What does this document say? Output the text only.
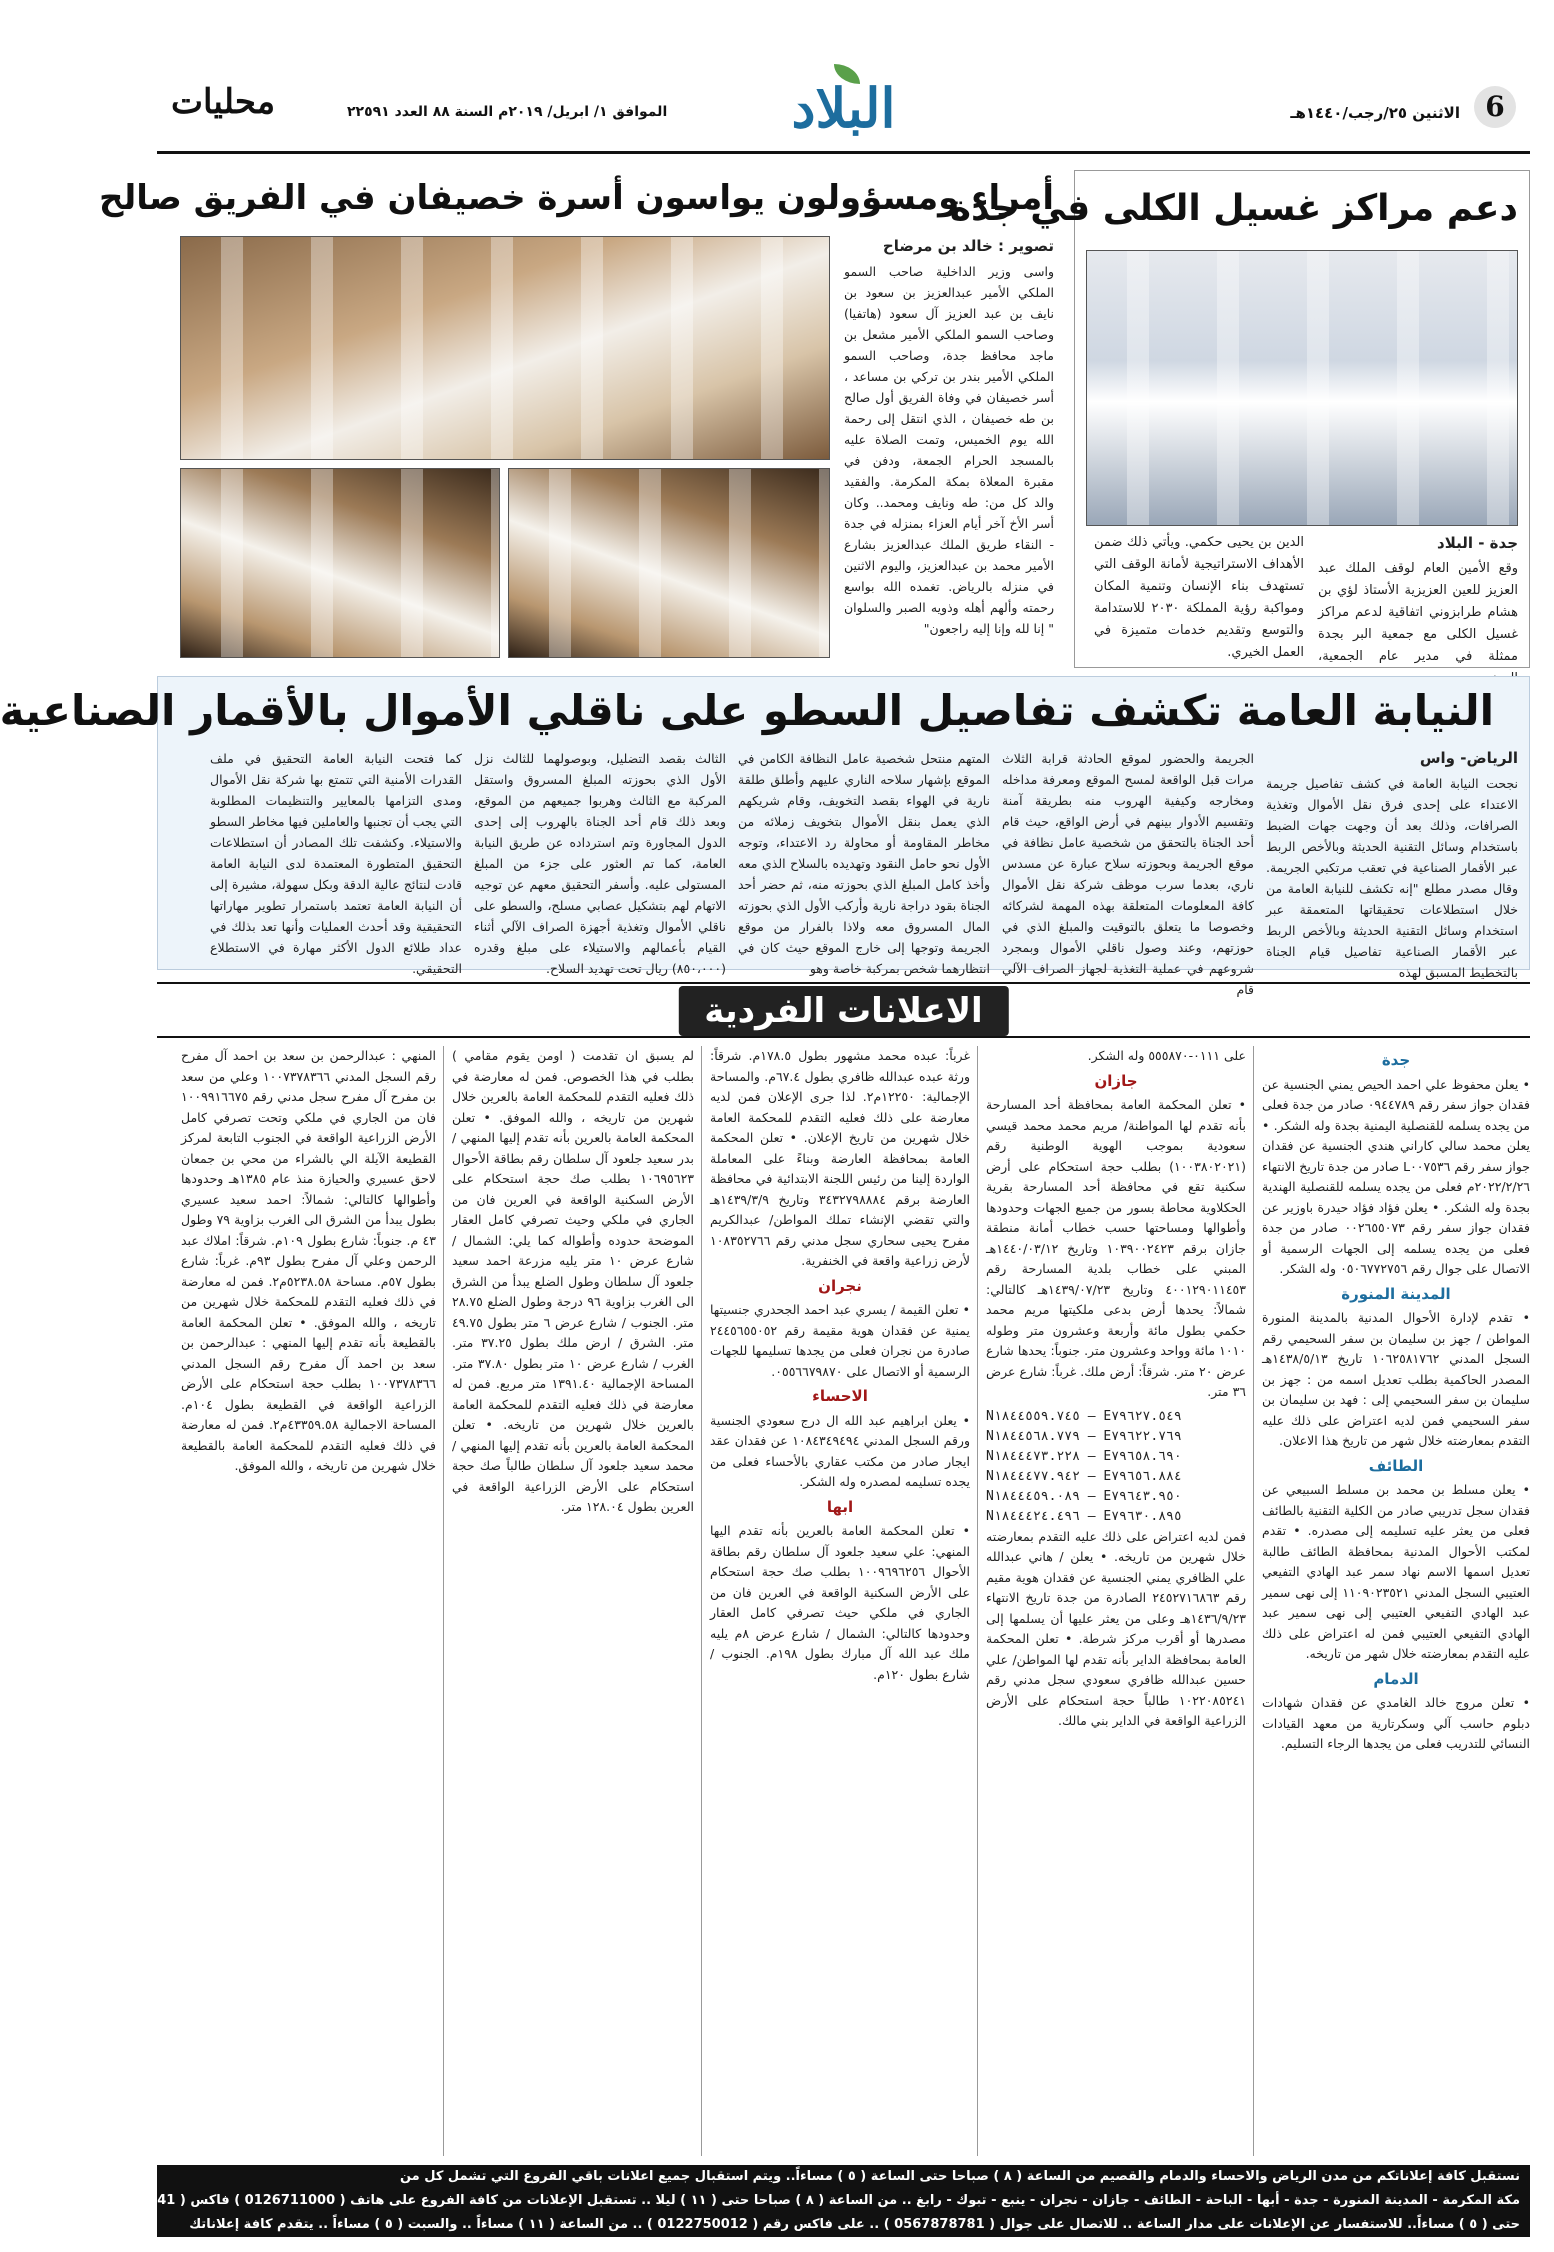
6
الاثنين ٢٥/رجب/١٤٤٠هـ
البلاد
الموافق ١/ ابريل/ ٢٠١٩م السنة ٨٨ العدد ٢٢٥٩١
محليات
دعم مراكز غسيل الكلى في جدة

جدة - البلاد

وقع الأمين العام لوقف الملك عبد العزيز للعين العزيزية الأستاذ لؤي بن هشام طرابزوني اتفاقية لدعم مراكز غسيل الكلى مع جمعية البر بجدة ممثلة في مدير عام الجمعية،

الدين بن يحيى حكمي. ويأتي ذلك ضمن الأهداف الاستراتيجية لأمانة الوقف التي تستهدف بناء الإنسان وتنمية المكان ومواكبة رؤية المملكة ٢٠٣٠ للاستدامة والتوسع وتقديم خدمات متميزة في العمل الخيري.

أمراء ومسؤولون يواسون أسرة خصيفان في الفريق صالح

تصوير : خالد بن مرضاح

واسى وزير الداخلية صاحب السمو الملكي الأمير عبدالعزيز بن سعود بن نايف بن عبد العزيز آل سعود (هاتفيا) وصاحب السمو الملكي الأمير مشعل بن ماجد محافظ جدة، وصاحب السمو الملكي الأمير بندر بن تركي بن مساعد ، أسر خصيفان في وفاة الفريق أول صالح بن طه خصيفان ، الذي انتقل إلى رحمة الله يوم الخميس، وتمت الصلاة عليه بالمسجد الحرام الجمعة، ودفن في مقبرة المعلاة بمكة المكرمة. والفقيد والد كل من: طه ونايف ومحمد.. وكان أسر الأخ آخر أيام العزاء بمنزله في جدة - النقاء طريق الملك عبدالعزيز بشارع الأمير محمد بن عبدالعزيز، واليوم الاثنين في منزله بالرياض. تغمده الله بواسع رحمته وألهم أهله وذويه الصبر والسلوان " إنا لله وإنا إليه راجعون"

النيابة العامة تكشف تفاصيل السطو على ناقلي الأموال بالأقمار الصناعية

الرياض- واس

نجحت النيابة العامة في كشف تفاصيل جريمة الاعتداء على إحدى فرق نقل الأموال وتغذية الصرافات، وذلك بعد أن وجهت جهات الضبط باستخدام وسائل التقنية الحديثة وبالأخص الربط عبر الأقمار الصناعية في تعقب مرتكبي الجريمة. وقال مصدر مطلع "إنه تكشف للنيابة العامة من خلال استطلاعات تحقيقاتها المتعمقة عبر استخدام وسائل التقنية الحديثة وبالأخص الربط عبر الأقمار الصناعية تفاصيل قيام الجناة بالتخطيط المسبق لهذه

الجريمة والحضور لموقع الحادثة قرابة الثلاث مرات قبل الواقعة لمسح الموقع ومعرفة مداخله ومخارجه وكيفية الهروب منه بطريقة آمنة وتقسيم الأدوار بينهم في أرض الواقع، حيث قام أحد الجناة بالتحقق من شخصية عامل نظافة في موقع الجريمة وبحوزته سلاح عبارة عن مسدس ناري، بعدما سرب موظف شركة نقل الأموال كافة المعلومات المتعلقة بهذه المهمة لشركائه وخصوصا ما يتعلق بالتوقيت والمبلغ الذي في حوزتهم، وعند وصول ناقلي الأموال وبمجرد شروعهم في عملية التغذية لجهاز الصراف الآلي قام
المتهم منتحل شخصية عامل النظافة الكامن في الموقع بإشهار سلاحه الناري عليهم وأطلق طلقة نارية في الهواء بقصد التخويف، وقام شريكهم الذي يعمل بنقل الأموال بتخويف زملائه من مخاطر المقاومة أو محاولة رد الاعتداء، وتوجه الأول نحو حامل النقود وتهديده بالسلاح الذي معه وأخذ كامل المبلغ الذي بحوزته منه، ثم حضر أحد الجناة بقود دراجة نارية وأركب الأول الذي بحوزته المال المسروق معه ولاذا بالفرار من موقع الجريمة وتوجها إلى خارج الموقع حيث كان في انتظارهما شخص بمركبة خاصة وهو
الثالث بقصد التضليل، وبوصولهما للثالث نزل الأول الذي بحوزته المبلغ المسروق واستقل المركبة مع الثالث وهربوا جميعهم من الموقع، وبعد ذلك قام أحد الجناة بالهروب إلى إحدى الدول المجاورة وتم استرداده عن طريق النيابة العامة، كما تم العثور على جزء من المبلغ المستولى عليه. وأسفر التحقيق معهم عن توجيه الاتهام لهم بتشكيل عصابي مسلح، والسطو على ناقلي الأموال وتغذية أجهزة الصراف الآلي أثناء القيام بأعمالهم والاستيلاء على مبلغ وقدره (٨٥٠،٠٠٠) ريال تحت تهديد السلاح.
كما فتحت النيابة العامة التحقيق في ملف القدرات الأمنية التي تتمتع بها شركة نقل الأموال ومدى التزامها بالمعايير والتنظيمات المطلوبة التي يجب أن تجنبها والعاملين فيها مخاطر السطو والاستيلاء. وكشفت تلك المصادر أن استطلاعات التحقيق المتطورة المعتمدة لدى النيابة العامة قادت لنتائج عالية الدقة وبكل سهولة، مشيرة إلى أن النيابة العامة تعتمد باستمرار تطوير مهاراتها التحقيقية وقد أحدث العمليات وأنها تعد بذلك في عداد طلائع الدول الأكثر مهارة في الاستطلاع التحقيقي.
الاعلانات الفردية
جدة

• يعلن محفوظ علي احمد الحيص يمني الجنسية عن فقدان جواز سفر رقم ٠٩٤٤٧٨٩ صادر من جدة فعلى من يجده يسلمه للقنصلية اليمنية بجدة وله الشكر. • يعلن محمد سالي كاراني هندي الجنسية عن فقدان جواز سفر رقم L٠٠٧٥٣٦ صادر من جدة تاريخ الانتهاء ٢٠٢٢/٢/٢٦م فعلى من يجده يسلمه للقنصلية الهندية بجدة وله الشكر. • يعلن فؤاد فؤاد حيدرة باوزير عن فقدان جواز سفر رقم ٠٠٢٦٥٥٠٧٣ صادر من جدة فعلى من يجده يسلمه إلى الجهات الرسمية أو الاتصال على جوال رقم ٠٥٠٦٧٧٢٧٥٦ وله الشكر.

المدينة المنورة

• تقدم لإدارة الأحوال المدنية بالمدينة المنورة المواطن / جهز بن سليمان بن سفر السحيمي رقم السجل المدني ١٠٦٢٥٨١٧٦٢ تاريخ ١٤٣٨/٥/١٣هـ المصدر الحاكمية بطلب تعديل اسمه من : جهز بن سليمان بن سفر السحيمي إلى : فهد بن سليمان بن سفر السحيمي فمن لديه اعتراض على ذلك عليه التقدم بمعارضته خلال شهر من تاريخ هذا الاعلان.

الطائف

• يعلن مسلط بن محمد بن مسلط السبيعي عن فقدان سجل تدريبي صادر من الكلية التقنية بالطائف فعلى من يعثر عليه تسليمه إلى مصدره. • تقدم لمكتب الأحوال المدنية بمحافظة الطائف طالبة تعديل اسمها الاسم نهاد سمر عبد الهادي التفيعي العتيبي السجل المدني ١١٠٩٠٢٣٥٢١ إلى نهى سمير عبد الهادي التفيعي العتيبي إلى نهى سمير عبد الهادي التفيعي العتيبي فمن له اعتراض على ذلك عليه التقدم بمعارضته خلال شهر من تاريخه.

الدمام

• تعلن مروج خالد الغامدي عن فقدان شهادات دبلوم حاسب آلي وسكرتارية من معهد القيادات النسائي للتدريب فعلى من يجدها الرجاء التسليم.

على ٠١١١-٥٥٥٨٧٠ وله الشكر.

جازان

• تعلن المحكمة العامة بمحافظة أحد المسارحة بأنه تقدم لها المواطنة/ مريم محمد محمد قيسي سعودية بموجب الهوية الوطنية رقم (١٠٠٣٨٠٢٠٢١) بطلب حجة استحكام على أرض سكنية تقع في محافظة أحد المسارحة بقرية الحكلاوية محاطة بسور من جميع الجهات وحدودها وأطوالها ومساحتها حسب خطاب أمانة منطقة جازان برقم ١٠٣٩٠٠٢٤٢٣ وتاريخ ١٤٤٠/٠٣/١٢هـ المبني على خطاب بلدية المسارحة رقم ٤٠٠١٢٩٠١١٤٥٣ وتاريخ ١٤٣٩/٠٧/٢٣هـ كالتالي: شمالاً: يحدها أرض بدعى ملكيتها مريم محمد حكمي بطول مائة وأربعة وعشرون متر وطوله ١٠١٠ مائة وواحد وعشرون متر. جنوباً: يحدها شارع عرض ٢٠ متر. شرقاً: أرض ملك. غرباً: شارع عرض ٣٦ متر.

N١٨٤٤٥٥٩.٧٤٥ – E٧٩٦٢٧.٥٤٩
N١٨٤٤٥٦٨.٧٧٩ – E٧٩٦٢٢.٧٦٩
N١٨٤٤٤٧٣.٢٢٨ – E٧٩٦٥٨.٦٩٠
N١٨٤٤٤٧٧.٩٤٢ – E٧٩٦٥٦.٨٨٤
N١٨٤٤٤٥٩.٠٨٩ – E٧٩٦٤٣.٩٥٠
N١٨٤٤٤٢٤.٤٩٦ – E٧٩٦٣٠.٨٩٥

فمن لديه اعتراض على ذلك عليه التقدم بمعارضته خلال شهرين من تاريخه. • يعلن / هاني عبدالله علي الظافري يمني الجنسية عن فقدان هوية مقيم رقم ٢٤٥٢٧١٦٨٦٣ الصادرة من جدة تاريخ الانتهاء ١٤٣٦/٩/٢٣هـ وعلى من يعثر عليها أن يسلمها إلى مصدرها أو أقرب مركز شرطة. • تعلن المحكمة العامة بمحافظة الداير بأنه تقدم لها المواطن/ علي حسين عبدالله ظافري سعودي سجل مدني رقم ١٠٢٢٠٨٥٢٤١ طالباً حجة استحكام على الأرض الزراعية الواقعة في الداير بني مالك.

غرباً: عبده محمد مشهور بطول ١٧٨.٥م. شرقاً: ورثة عبده عبدالله ظافري بطول ٦٧.٤م. والمساحة الإجمالية: ١٢٢٥٠م٢. لذا جرى الإعلان فمن لديه معارضة على ذلك فعليه التقدم للمحكمة العامة خلال شهرين من تاريخ الإعلان. • تعلن المحكمة العامة بمحافظة العارضة وبناءً على المعاملة الواردة إلينا من رئيس اللجنة الابتدائية في محافظة العارضة برقم ٣٤٣٢٧٩٨٨٨٤ وتاريخ ١٤٣٩/٣/٩هـ والتي تقضي الإنشاء تملك المواطن/ عبدالكريم مفرح يحيى سحاري سجل مدني رقم ١٠٨٣٥٢٧٦٦ لأرض زراعية واقعة في الخنفرية.

نجران

• تعلن القيمة / يسري عبد احمد الجحدري جنسيتها يمنية عن فقدان هوية مقيمة رقم ٢٤٤٥٦٥٥٠٥٢ صادرة من نجران فعلى من يجدها تسليمها للجهات الرسمية أو الاتصال على ٠٥٥٦٦٧٩٨٧٠.

الاحساء

• يعلن ابراهيم عبد الله ال درج سعودي الجنسية ورقم السجل المدني ١٠٨٤٣٤٩٤٩٤ عن فقدان عقد ايجار صادر من مكتب عقاري بالأحساء فعلى من يجده تسليمه لمصدره وله الشكر.

ابها

• تعلن المحكمة العامة بالعرين بأنه تقدم اليها المنهي: علي سعيد جلعود آل سلطان رقم بطاقة الأحوال ١٠٠٩٦٩٦٢٥٦ بطلب صك حجة استحكام على الأرض السكنية الواقعة في العرين فان من الجاري في ملكي حيث تصرفي كامل العقار وحدودها كالتالي: الشمال / شارع عرض ٨م يليه ملك عبد الله آل مبارك بطول ١٩٨م. الجنوب / شارع بطول ١٢٠م.

لم يسبق ان تقدمت ( اومن يقوم مقامي ) بطلب في هذا الخصوص. فمن له معارضة في ذلك فعليه التقدم للمحكمة العامة بالعرين خلال شهرين من تاريخه ، والله الموفق. • تعلن المحكمة العامة بالعرين بأنه تقدم إليها المنهي / بدر سعيد جلعود آل سلطان رقم بطاقة الأحوال ١٠٦٩٥٦٢٣ بطلب صك حجة استحكام على الأرض السكنية الواقعة في العرين فان من الجاري في ملكي وحيث تصرفي كامل العقار الموضحة حدوده وأطواله كما يلي: الشمال / شارع عرض ١٠ متر يليه مزرعة احمد سعيد جلعود آل سلطان وطول الضلع يبدأ من الشرق الى الغرب بزاوية ٩٦ درجة وطول الضلع ٢٨.٧٥ متر. الجنوب / شارع عرض ٦ متر بطول ٤٩.٧٥ متر. الشرق / ارض ملك بطول ٣٧.٢٥ متر. الغرب / شارع عرض ١٠ متر بطول ٣٧.٨٠ متر. المساحة الإجمالية ١٣٩١.٤٠ متر مربع. فمن له معارضة في ذلك فعليه التقدم للمحكمة العامة بالعرين خلال شهرين من تاريخه. • تعلن المحكمة العامة بالعرين بأنه تقدم إليها المنهي / محمد سعيد جلعود آل سلطان طالباً صك حجة استحكام على الأرض الزراعية الواقعة في العرين بطول ١٢٨.٠٤ متر.

المنهي : عبدالرحمن بن سعد بن احمد آل مفرح رقم السجل المدني ١٠٠٧٣٧٨٣٦٦ وعلي من سعد بن مفرح آل مفرح سجل مدني رقم ١٠٠٩٩١٦٦٧٥ فان من الجاري في ملكي وتحت تصرفي كامل الأرض الزراعية الواقعة في الجنوب التابعة لمركز القطيعة الآيلة الي بالشراء من محي بن جمعان لاحق عسيري والحيازة منذ عام ١٣٨٥هـ وحدودها وأطوالها كالتالي: شمالاً: احمد سعيد عسيري بطول يبدأ من الشرق الى الغرب بزاوية ٧٩ وطول ٤٣ م. جنوباً: شارع بطول ١٠٩م. شرقاً: املاك عبد الرحمن وعلي آل مفرح بطول ٩٣م. غرباً: شارع بطول ٥٧م. مساحة ٥٢٣٨.٥٨م٢. فمن له معارضة في ذلك فعليه التقدم للمحكمة خلال شهرين من تاريخه ، والله الموفق. • تعلن المحكمة العامة بالقطيعة بأنه تقدم إليها المنهي : عبدالرحمن بن سعد بن احمد آل مفرح رقم السجل المدني ١٠٠٧٣٧٨٣٦٦ بطلب حجة استحكام على الأرض الزراعية الواقعة في القطيعة بطول ١٠٤م. المساحة الاجمالية ٤٣٣٥٩.٥٨م٢. فمن له معارضة في ذلك فعليه التقدم للمحكمة العامة بالقطيعة خلال شهرين من تاريخه ، والله الموفق.

نستقبل كافة إعلاناتكم من مدن الرياض والاحساء والدمام والقصيم من الساعة ( ٨ ) صباحا حتى الساعة ( ٥ ) مساءاً.. ويتم استقبال جميع اعلانات باقي الفروع التي تشمل كل من
مكة المكرمة - المدينة المنورة - جدة - أبها - الباحة - الطائف - جازان - نجران - ينبع - تبوك - رابغ .. من الساعة ( ٨ ) صباحا حتى ( ١١ ) ليلا .. تستقبل الإعلانات من كافة الفروع على هاتف ( 0126711000 ) فاكس ( 0126716241 )
حتى ( ٥ ) مساءاً.. للاستفسار عن الإعلانات على مدار الساعة .. للاتصال على جوال ( 0567878781 ) .. على فاكس رقم ( 0122750012 ) .. من الساعة ( ١١ ) مساءاً .. والسبت ( ٥ ) مساءاً .. يتقدم كافة إعلاناتك
